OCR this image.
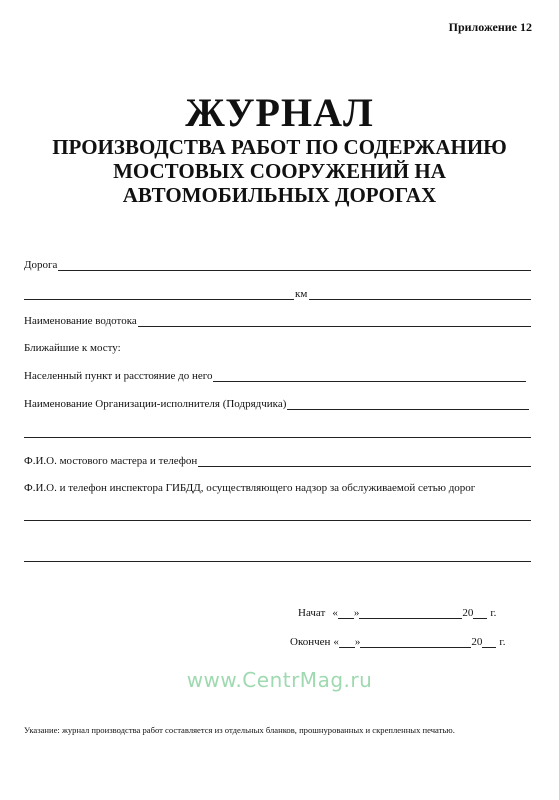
Приложение 12
ЖУРНАЛ
ПРОИЗВОДСТВА РАБОТ ПО СОДЕРЖАНИЮ
МОСТОВЫХ СООРУЖЕНИЙ НА
АВТОМОБИЛЬНЫХ ДОРОГАХ
Дорога
км
Наименование водотока
Ближайшие к мосту:
Населенный пункт и расстояние до него
Наименование Организации-исполнителя (Подрядчика)
Ф.И.О. мостового мастера и телефон
Ф.И.О. и телефон инспектора ГИБДД, осуществляющего надзор за обслуживаемой сетью дорог
Начат « »	20 г.
Окончен « »	20 г.
www.CentrMag.ru
Указание: журнал производства работ составляется из отдельных бланков, прошнурованных и скрепленных печатью.
